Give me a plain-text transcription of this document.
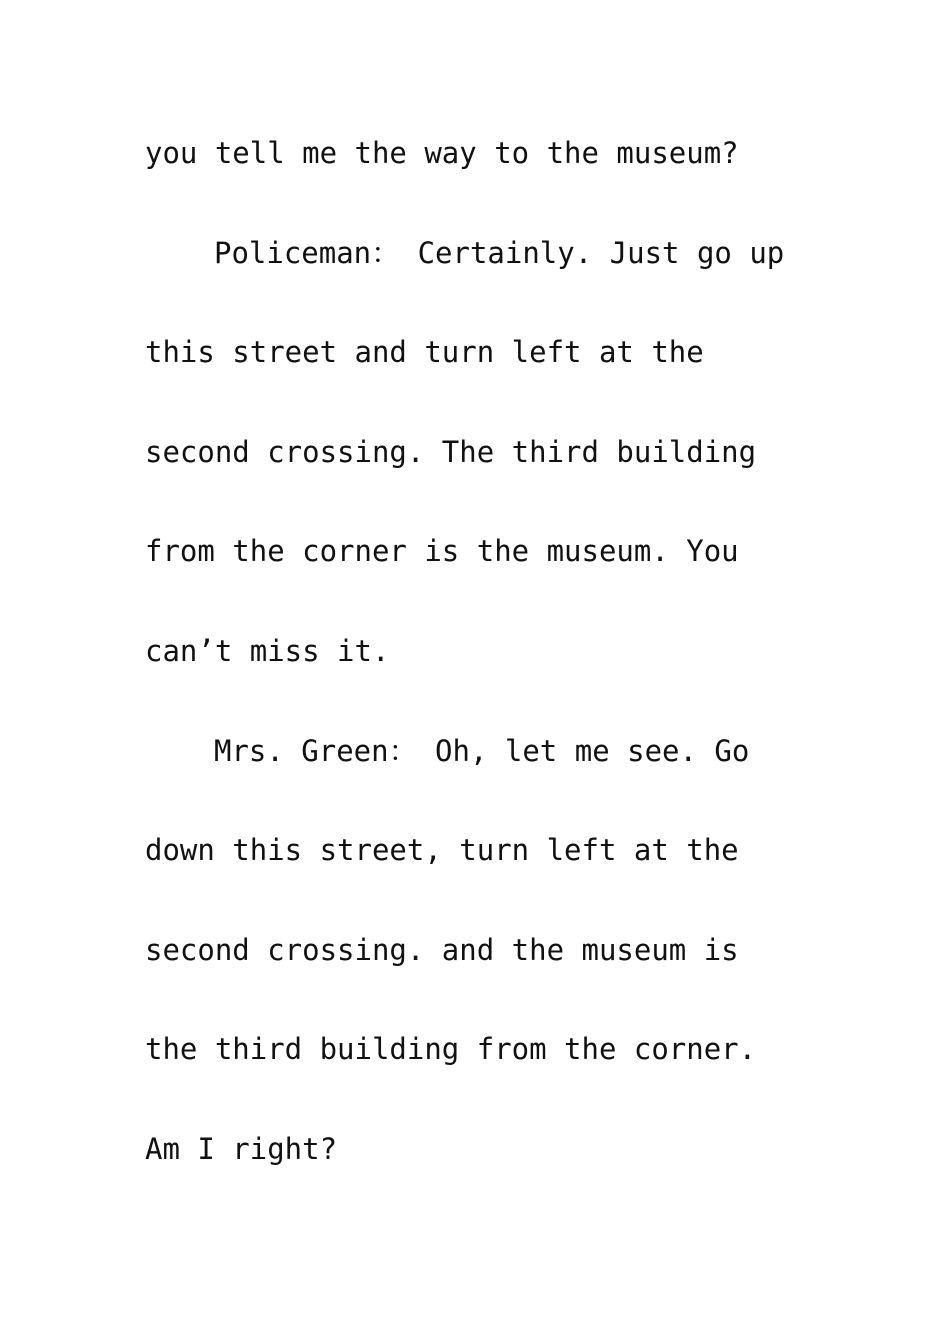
you tell me the way to the museum?
Policeman： Certainly. Just go up
this street and turn left at the
second crossing. The third building
from the corner is the museum. You
can’t miss it.
Mrs. Green： Oh, let me see. Go
down this street, turn left at the
second crossing. and the museum is
the third building from the corner.
Am I right?
